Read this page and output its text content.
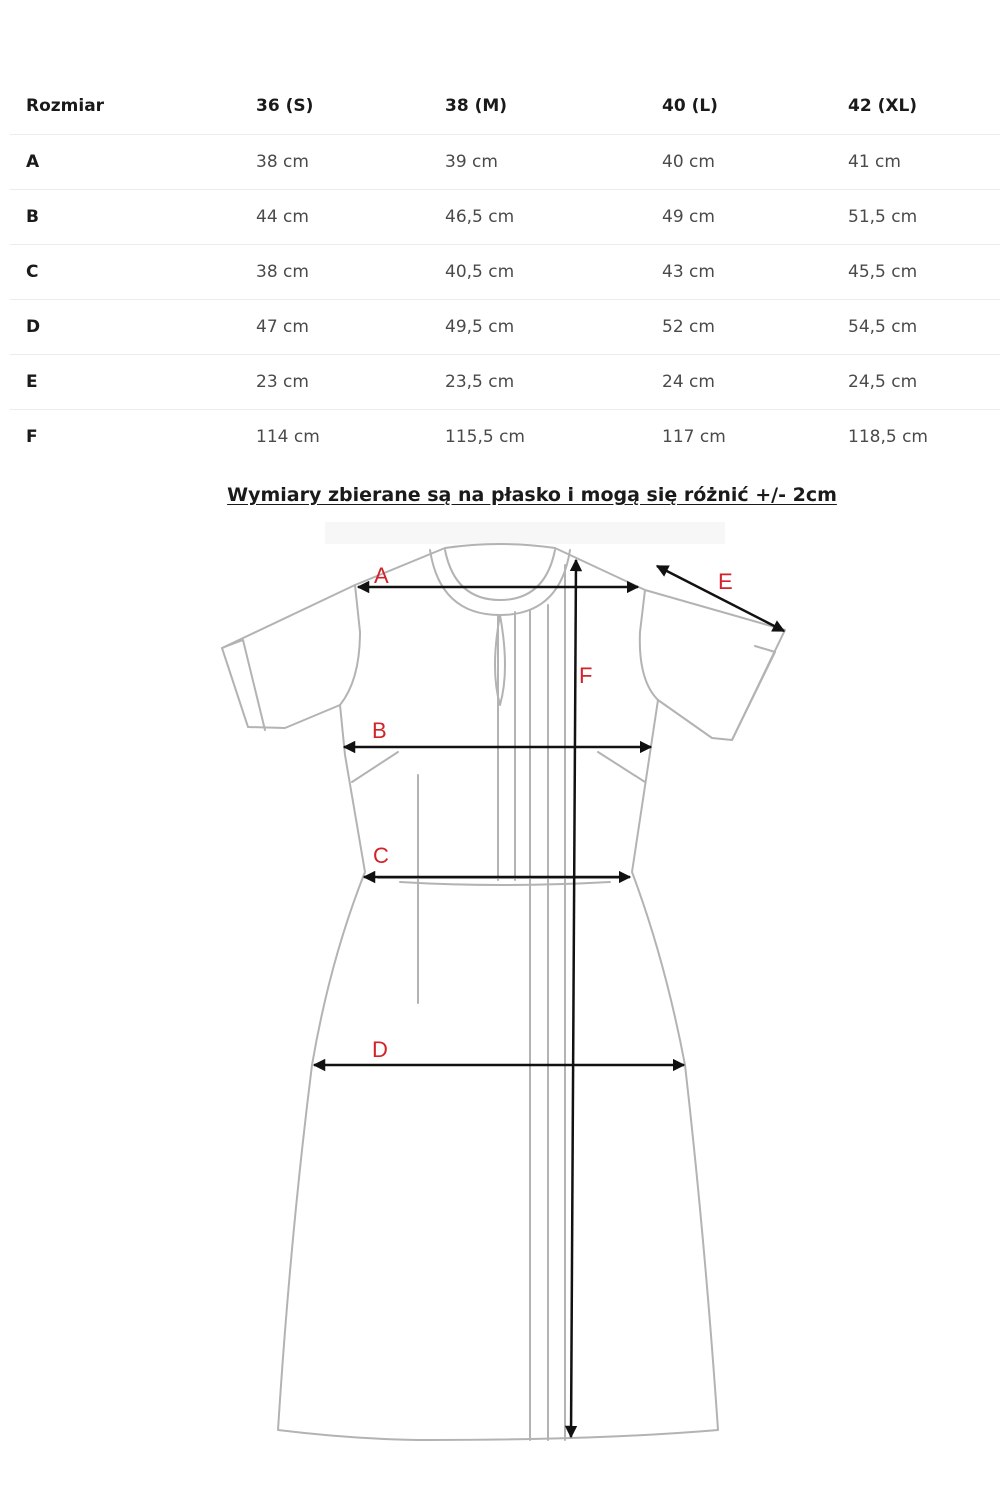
Rozmiar	36 (S)	38 (M)	40 (L)	42 (XL)
A	38 cm	39 cm	40 cm	41 cm
B	44 cm	46,5 cm	49 cm	51,5 cm
C	38 cm	40,5 cm	43 cm	45,5 cm
D	47 cm	49,5 cm	52 cm	54,5 cm
E	23 cm	23,5 cm	24 cm	24,5 cm
F	114 cm	115,5 cm	117 cm	118,5 cm
Wymiary zbierane są na płasko i mogą się różnić +/- 2cm
A
B
C
D
E
F
